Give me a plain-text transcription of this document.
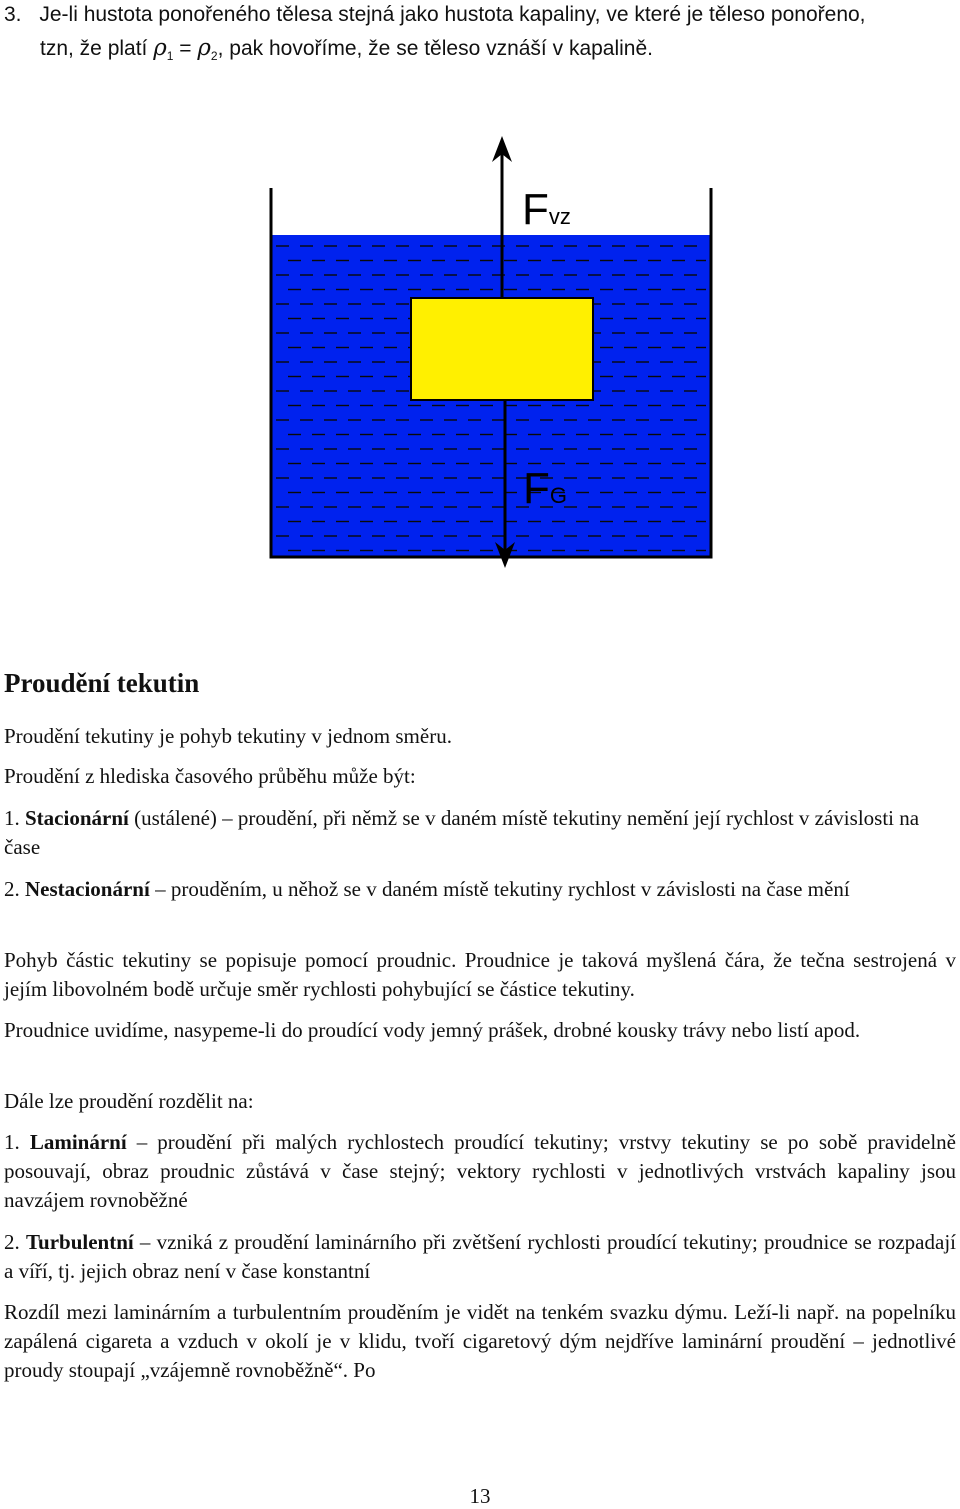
3. Je-li hustota ponořeného tělesa stejná jako hustota kapaliny, ve které je těleso ponořeno,
tzn, že platí $\rho_1 = \rho_2$, pak hovoříme, že se těleso vznáší v kapalině.
Fvz
FG
Proudění tekutin

Proudění tekutiny je pohyb tekutiny v jednom směru.

Proudění z hlediska časového průběhu může být:

1. Stacionární (ustálené) – proudění, při němž se v daném místě tekutiny nemění její rychlost v závislosti na čase

2. Nestacionární – prouděním, u něhož se v daném místě tekutiny rychlost v závislosti na čase mění

Pohyb částic tekutiny se popisuje pomocí proudnic. Proudnice je taková myšlená čára, že tečna sestrojená v jejím libovolném bodě určuje směr rychlosti pohybující se částice tekutiny.

Proudnice uvidíme, nasypeme-li do proudící vody jemný prášek, drobné kousky trávy nebo listí apod.

Dále lze proudění rozdělit na:

1. Laminární – proudění při malých rychlostech proudící tekutiny; vrstvy tekutiny se po sobě pravidelně posouvají, obraz proudnic zůstává v čase stejný; vektory rychlosti v jednotlivých vrstvách kapaliny jsou navzájem rovnoběžné

2. Turbulentní – vzniká z proudění laminárního při zvětšení rychlosti proudící tekutiny; proudnice se rozpadají a víří, tj. jejich obraz není v čase konstantní

Rozdíl mezi laminárním a turbulentním prouděním je vidět na tenkém svazku dýmu. Leží-li např. na popelníku zapálená cigareta a vzduch v okolí je v klidu, tvoří cigaretový dým nejdříve laminární proudění – jednotlivé proudy stoupají „vzájemně rovnoběžně“. Po

13
